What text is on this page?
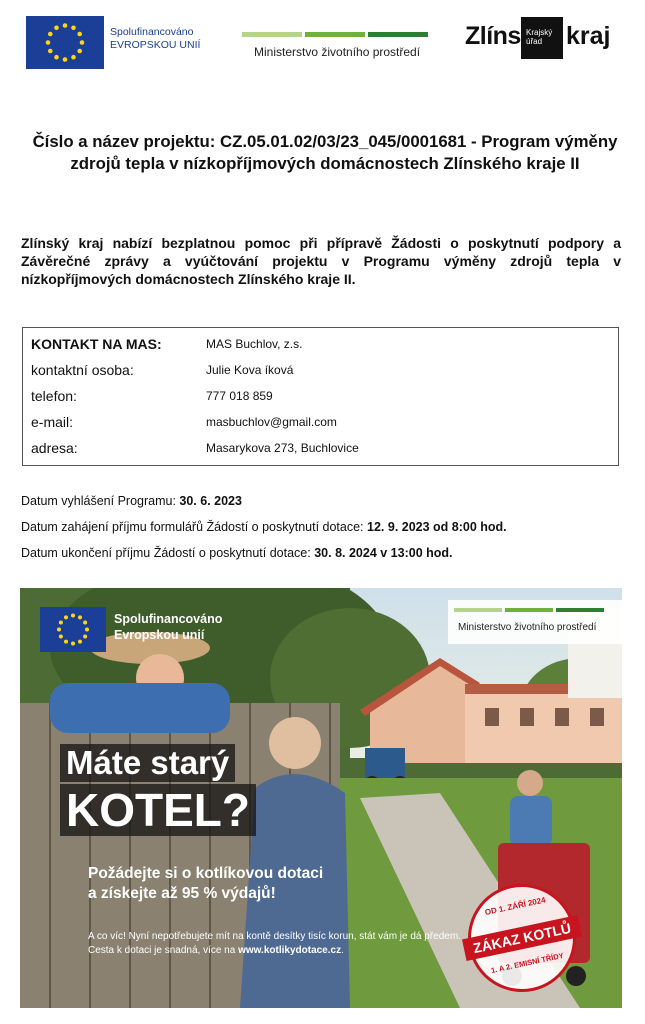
Spolufinancováno
EVROPSKOU UNIÍ	Ministerstvo životního prostředí
Zlíns Krajský
úřad kraj
Číslo a název projektu: CZ.05.01.02/03/23_045/0001681 - Program výměny zdrojů tepla v nízkopříjmových domácnostech Zlínského kraje II
Zlínský kraj nabízí bezplatnou pomoc při přípravě Žádosti o poskytnutí podpory a Závěrečné zprávy a vyúčtování projektu v Programu výměny zdrojů tepla v nízkopříjmových domácnostech Zlínského kraje II.
KONTAKT NA MAS:	MAS Buchlov, z.s.
kontaktní osoba:	Julie Kova íková
telefon:	777 018 859
e-mail:	masbuchlov@gmail.com
adresa:	Masarykova 273, Buchlovice
Datum vyhlášení Programu: 30. 6. 2023
Datum zahájení příjmu formulářů Žádostí o poskytnutí dotace: 12. 9. 2023 od 8:00 hod.
Datum ukončení příjmu Žádostí o poskytnutí dotace: 30. 8. 2024 v 13:00 hod.
Spolufinancováno
Evropskou unií
Ministerstvo životního prostředí
Máte starý
KOTEL?
Požádejte si o kotlíkovou dotaci
a získejte až 95 % výdajů!
A co víc! Nyní nepotřebujete mít na kontě desítky tisíc korun, stát vám je dá předem. Cesta k dotaci je snadná, více na www.kotlikydotace.cz.
OD 1. ZÁŘÍ 2024
ZÁKAZ KOTLŮ
1. A 2. EMISNÍ TŘÍDY
